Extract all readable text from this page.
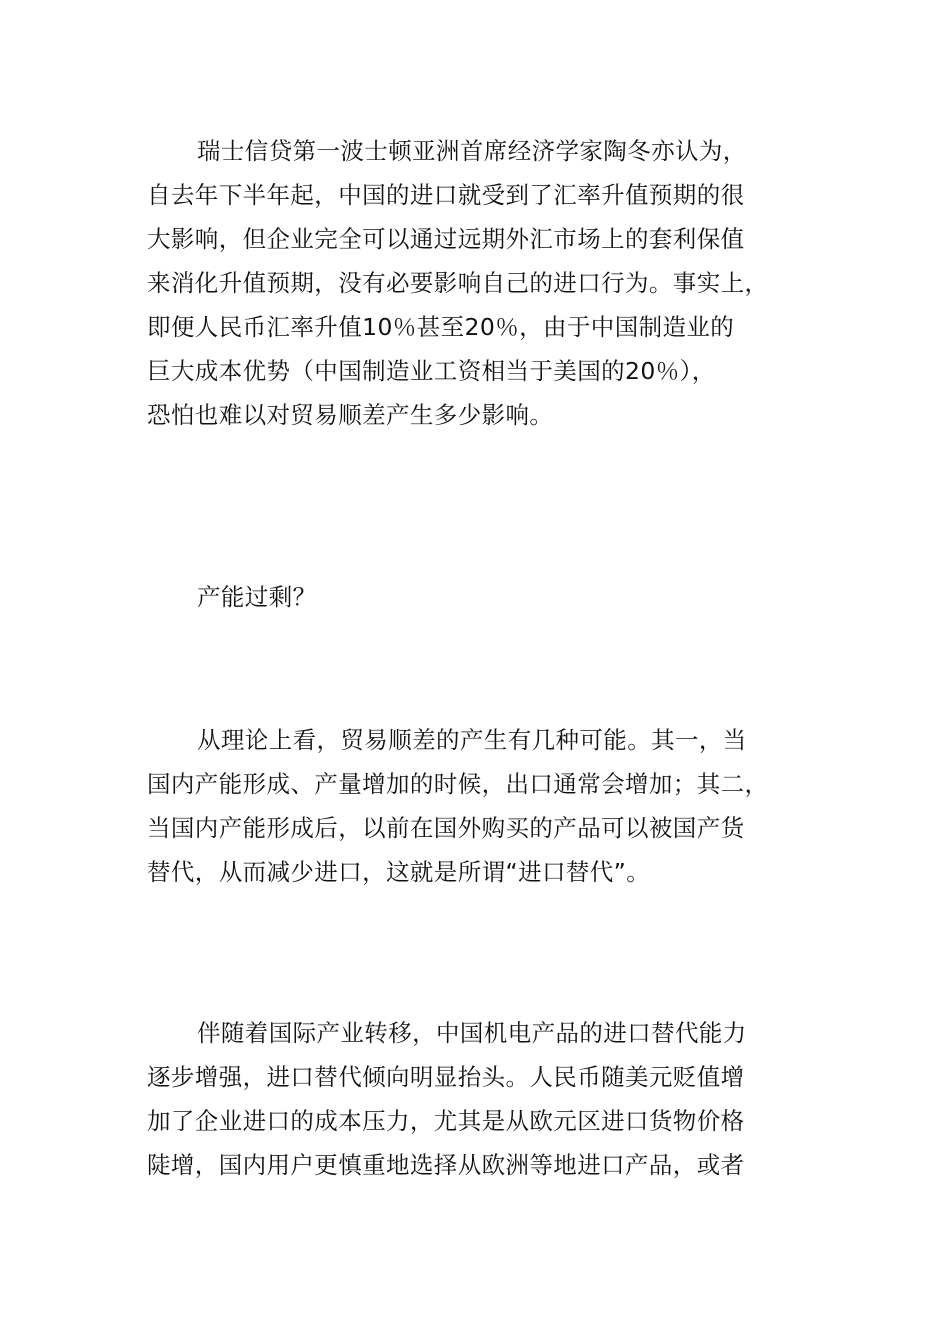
瑞士信贷第一波士顿亚洲首席经济学家陶冬亦认为，
自去年下半年起，中国的进口就受到了汇率升值预期的很
大影响，但企业完全可以通过远期外汇市场上的套利保值
来消化升值预期，没有必要影响自己的进口行为。事实上，
即便人民币汇率升值10％甚至20％，由于中国制造业的
巨大成本优势（中国制造业工资相当于美国的20％），
恐怕也难以对贸易顺差产生多少影响。
产能过剩？
从理论上看，贸易顺差的产生有几种可能。其一，当
国内产能形成、产量增加的时候，出口通常会增加；其二，
当国内产能形成后，以前在国外购买的产品可以被国产货
替代，从而减少进口，这就是所谓“进口替代”。
伴随着国际产业转移，中国机电产品的进口替代能力
逐步增强，进口替代倾向明显抬头。人民币随美元贬值增
加了企业进口的成本压力，尤其是从欧元区进口货物价格
陡增，国内用户更慎重地选择从欧洲等地进口产品，或者
